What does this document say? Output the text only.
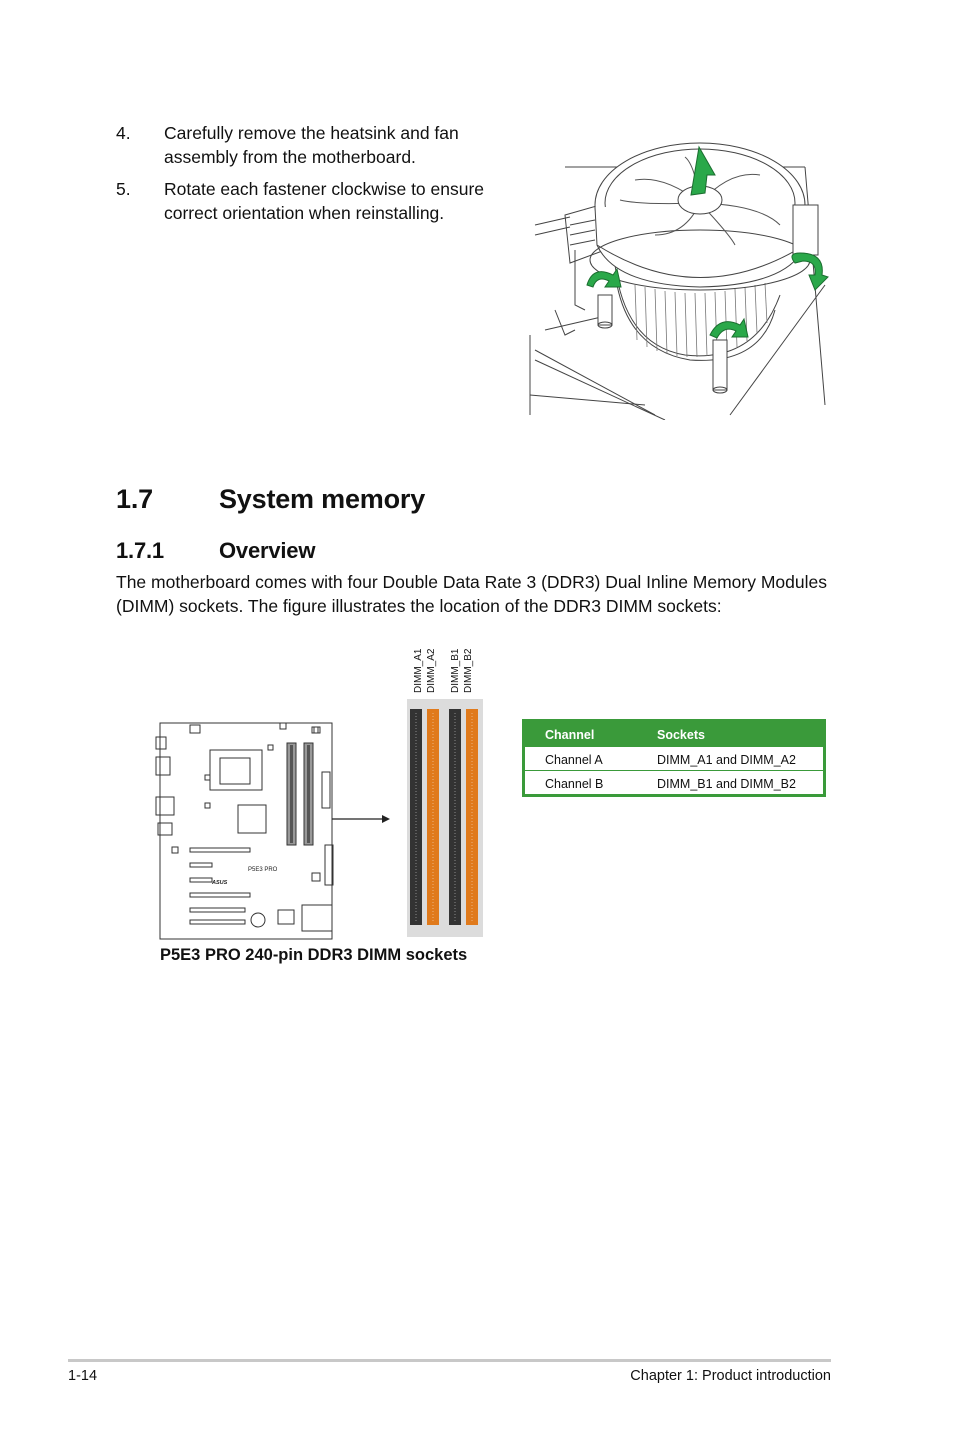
4. Carefully remove the heatsink and fan assembly from the motherboard.
5. Rotate each fastener clockwise to ensure correct orientation when reinstalling.
1.7 System memory
1.7.1	Overview
The motherboard comes with four Double Data Rate 3 (DDR3) Dual Inline Memory Modules (DIMM) sockets. The figure illustrates the location of the DDR3 DIMM sockets:
P5E3 PRO
ASUS
DIMM_A1 DIMM_A2 DIMM_B1 DIMM_B2
P5E3 PRO 240-pin DDR3 DIMM sockets
Channel	Sockets
Channel A	DIMM_A1 and DIMM_A2
Channel B	DIMM_B1 and DIMM_B2
1-14	Chapter 1: Product introduction
